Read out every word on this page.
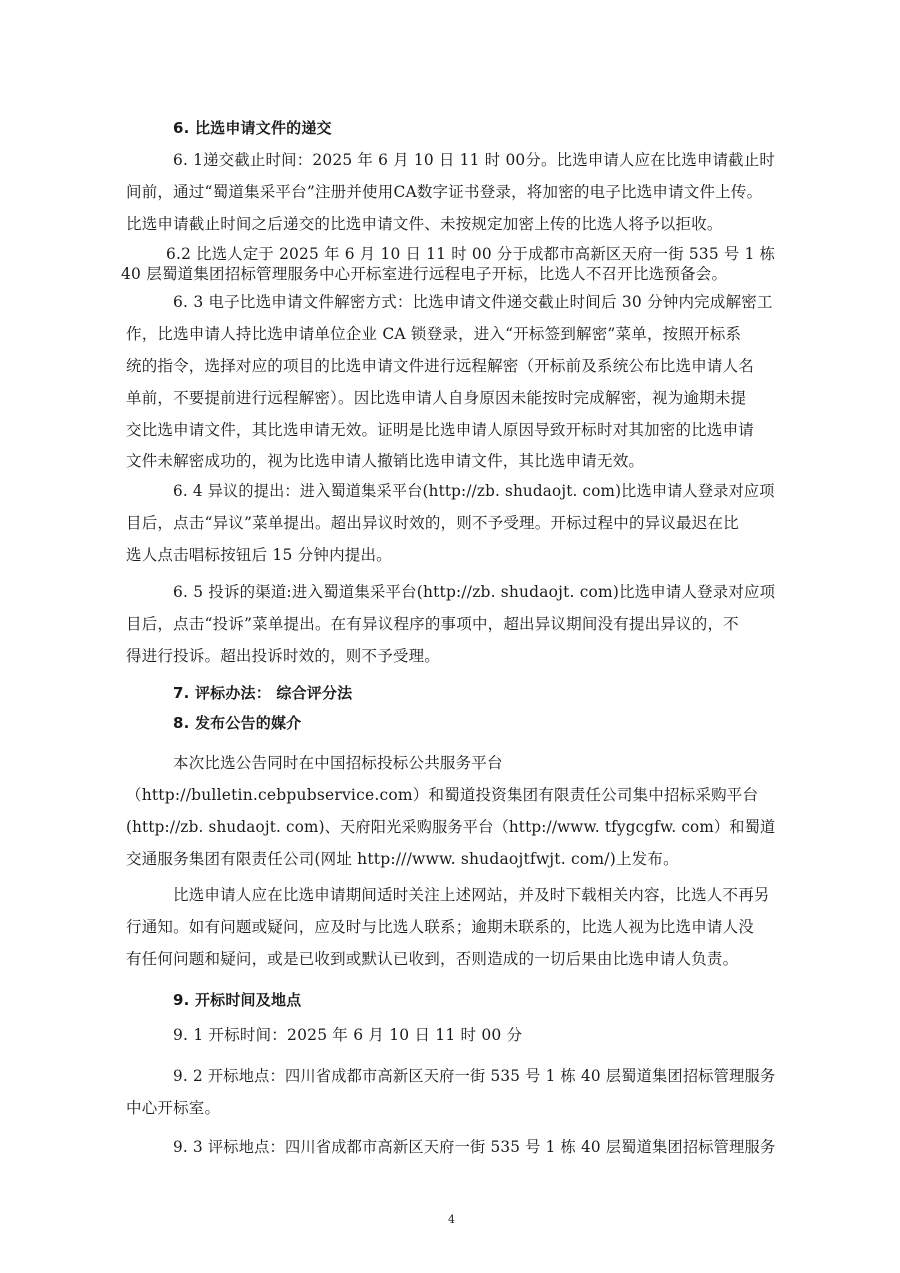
6. 比选申请文件的递交
6. 1递交截止时间：2025 年 6 月 10 日 11 时 00分。比选申请人应在比选申请截止时
间前，通过“蜀道集采平台”注册并使用CA数字证书登录，将加密的电子比选申请文件上传。
比选申请截止时间之后递交的比选申请文件、未按规定加密上传的比选人将予以拒收。
6.2 比选人定于 2025 年 6 月 10 日 11 时 00 分于成都市高新区天府一街 535 号 1 栋
40 层蜀道集团招标管理服务中心开标室进行远程电子开标，比选人不召开比选预备会。
6. 3 电子比选申请文件解密方式：比选申请文件递交截止时间后 30 分钟内完成解密工
作，比选申请人持比选申请单位企业 CA 锁登录，进入“开标签到解密”菜单，按照开标系
统的指令，选择对应的项目的比选申请文件进行远程解密（开标前及系统公布比选申请人名
单前，不要提前进行远程解密）。因比选申请人自身原因未能按时完成解密，视为逾期未提
交比选申请文件，其比选申请无效。证明是比选申请人原因导致开标时对其加密的比选申请
文件未解密成功的，视为比选申请人撤销比选申请文件，其比选申请无效。
6. 4 异议的提出：进入蜀道集采平台(http://zb. shudaojt. com)比选申请人登录对应项
目后，点击“异议”菜单提出。超出异议时效的，则不予受理。开标过程中的异议最迟在比
选人点击唱标按钮后 15 分钟内提出。
6. 5 投诉的渠道:进入蜀道集采平台(http://zb. shudaojt. com)比选申请人登录对应项
目后，点击“投诉”菜单提出。在有异议程序的事项中，超出异议期间没有提出异议的，不
得进行投诉。超出投诉时效的，则不予受理。
7. 评标办法： 综合评分法
8. 发布公告的媒介
本次比选公告同时在中国招标投标公共服务平台
（http://bulletin.cebpubservice.com）和蜀道投资集团有限责任公司集中招标采购平台
(http://zb. shudaojt. com)、天府阳光采购服务平台（http://www. tfygcgfw. com）和蜀道
交通服务集团有限责任公司(网址 http:///www. shudaojtfwjt. com/)上发布。
比选申请人应在比选申请期间适时关注上述网站，并及时下载相关内容，比选人不再另
行通知。如有问题或疑问，应及时与比选人联系；逾期未联系的，比选人视为比选申请人没
有任何问题和疑问，或是已收到或默认已收到，否则造成的一切后果由比选申请人负责。
9. 开标时间及地点
9. 1 开标时间：2025 年 6 月 10 日 11 时 00 分
9. 2 开标地点：四川省成都市高新区天府一街 535 号 1 栋 40 层蜀道集团招标管理服务
中心开标室。
9. 3 评标地点：四川省成都市高新区天府一街 535 号 1 栋 40 层蜀道集团招标管理服务
4
